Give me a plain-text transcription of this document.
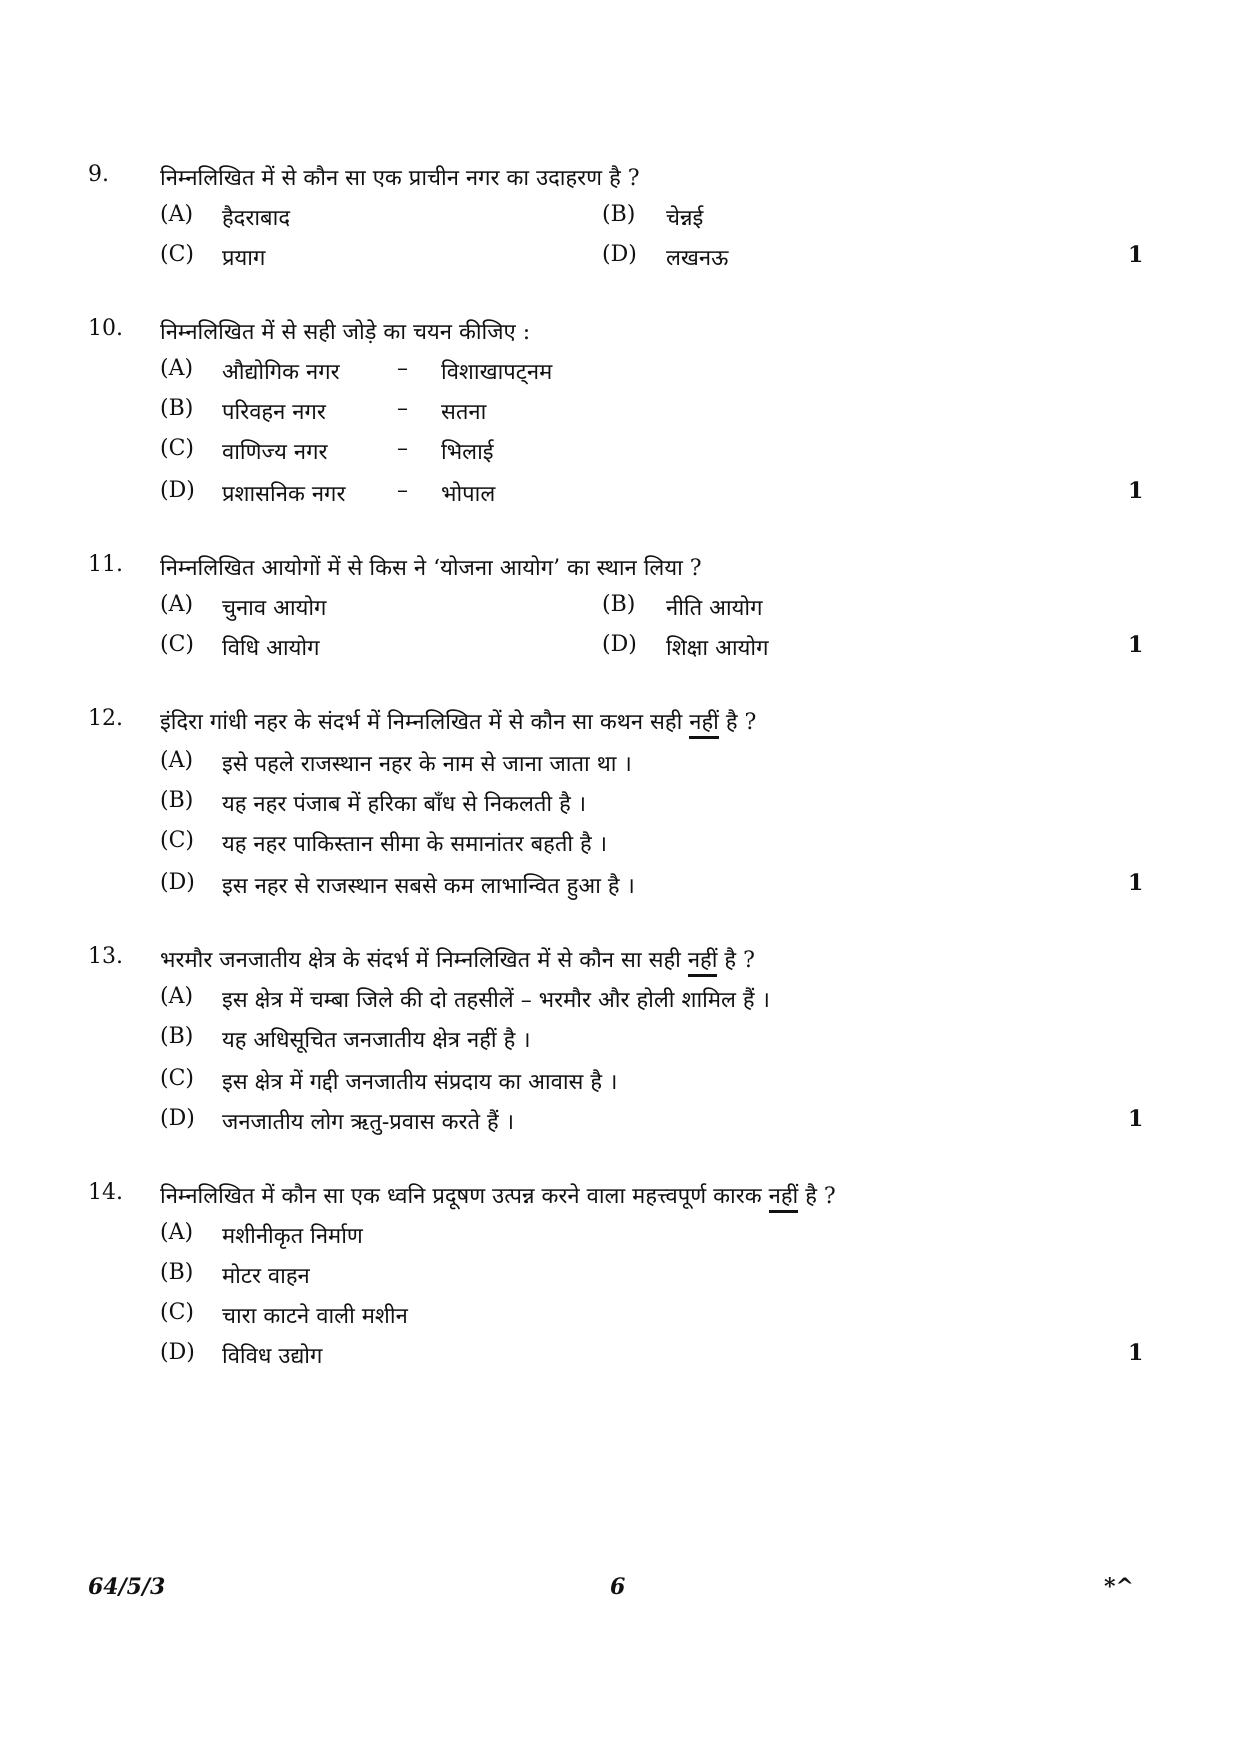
9.	निम्नलिखित में से कौन सा एक प्राचीन नगर का उदाहरण है ?
(A)	हैदराबाद	(B)	चेन्नई
(C)	प्रयाग	(D)	लखनऊ	1
10.	निम्नलिखित में से सही जोड़े का चयन कीजिए :
(A)	औद्योगिक नगर	– विशाखापट्नम
(B)	परिवहन नगर	– सतना
(C)	वाणिज्य नगर	– भिलाई
(D)	प्रशासनिक नगर – भोपाल	1
11.	निम्नलिखित आयोगों में से किस ने ‘योजना आयोग’ का स्थान लिया ?
(A)	चुनाव आयोग	(B)	नीति आयोग
(C)	विधि आयोग	(D)	शिक्षा आयोग	1
12.	इंदिरा गांधी नहर के संदर्भ में निम्नलिखित में से कौन सा कथन सही नहीं है ?
(A)	इसे पहले राजस्थान नहर के नाम से जाना जाता था ।
(B)	यह नहर पंजाब में हरिका बाँध से निकलती है ।
(C)	यह नहर पाकिस्तान सीमा के समानांतर बहती है ।
(D)	इस नहर से राजस्थान सबसे कम लाभान्वित हुआ है ।	1
13.	भरमौर जनजातीय क्षेत्र के संदर्भ में निम्नलिखित में से कौन सा सही नहीं है ?
(A)	इस क्षेत्र में चम्बा जिले की दो तहसीलें – भरमौर और होली शामिल हैं ।
(B)	यह अधिसूचित जनजातीय क्षेत्र नहीं है ।
(C)	इस क्षेत्र में गद्दी जनजातीय संप्रदाय का आवास है ।
(D)	जनजातीय लोग ऋतु-प्रवास करते हैं ।	1
14.	निम्नलिखित में कौन सा एक ध्वनि प्रदूषण उत्पन्न करने वाला महत्त्वपूर्ण कारक नहीं है ?
(A)	मशीनीकृत निर्माण
(B)	मोटर वाहन
(C)	चारा काटने वाली मशीन
(D)	विविध उद्योग	1
64/5/3	6	*^
